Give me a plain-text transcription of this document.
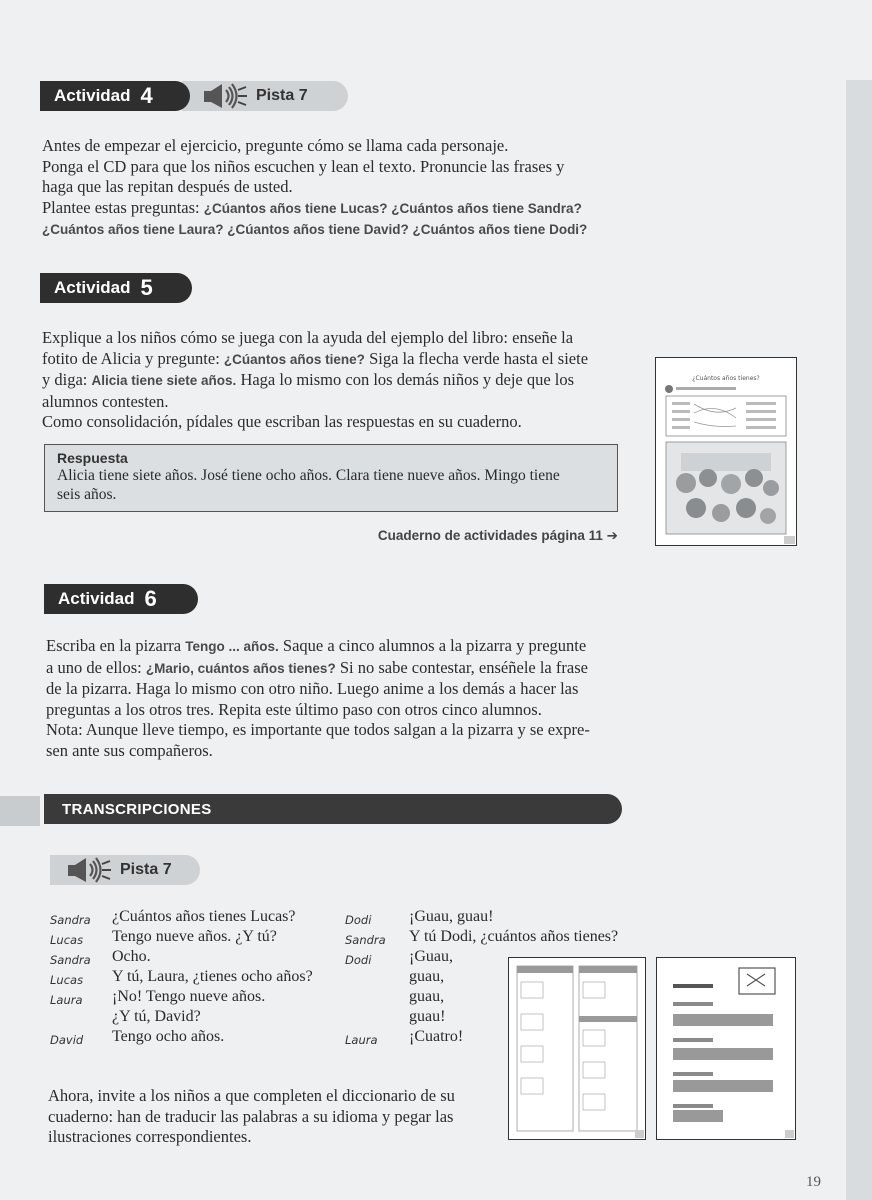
Pista 7
Actividad 4

Antes de empezar el ejercicio, pregunte cómo se llama cada personaje.

Ponga el CD para que los niños escuchen y lean el texto. Pronuncie las frases y

haga que las repitan después de usted.

Plantee estas preguntas: ¿Cúantos años tiene Lucas? ¿Cuántos años tiene Sandra?

¿Cuántos años tiene Laura? ¿Cúantos años tiene David? ¿Cuántos años tiene Dodi?

Actividad 5

Explique a los niños cómo se juega con la ayuda del ejemplo del libro: enseñe la

fotito de Alicia y pregunte: ¿Cúantos años tiene? Siga la flecha verde hasta el siete

y diga: Alicia tiene siete años. Haga lo mismo con los demás niños y deje que los

alumnos contesten.

Como consolidación, pídales que escriban las respuestas en su cuaderno.

Respuesta
Alicia tiene siete años. José tiene ocho años. Clara tiene nueve años. Mingo tiene
seis años.
Cuaderno de actividades página 11 ➔
¿Cuántos años tienes?
Actividad 6

Escriba en la pizarra Tengo ... años. Saque a cinco alumnos a la pizarra y pregunte

a uno de ellos: ¿Mario, cuántos años tienes? Si no sabe contestar, enséñele la frase

de la pizarra. Haga lo mismo con otro niño. Luego anime a los demás a hacer las

preguntas a los otros tres. Repita este último paso con otros cinco alumnos.

Nota: Aunque lleve tiempo, es importante que todos salgan a la pizarra y se expre-

sen ante sus compañeros.

TRANSCRIPCIONES
Pista 7
Sandra	¿Cuántos años tienes Lucas?
Lucas	Tengo nueve años. ¿Y tú?
Sandra	Ocho.
Lucas	Y tú, Laura, ¿tienes ocho años?
Laura	¡No! Tengo nueve años.
¿Y tú, David?
David	Tengo ocho años.
Dodi	¡Guau, guau!
Sandra	Y tú Dodi, ¿cuántos años tienes?
Dodi	¡Guau,
guau,
guau,
guau!
Laura	¡Cuatro!

Ahora, invite a los niños a que completen el diccionario de su

cuaderno: han de traducir las palabras a su idioma y pegar las

ilustraciones correspondientes.

19
